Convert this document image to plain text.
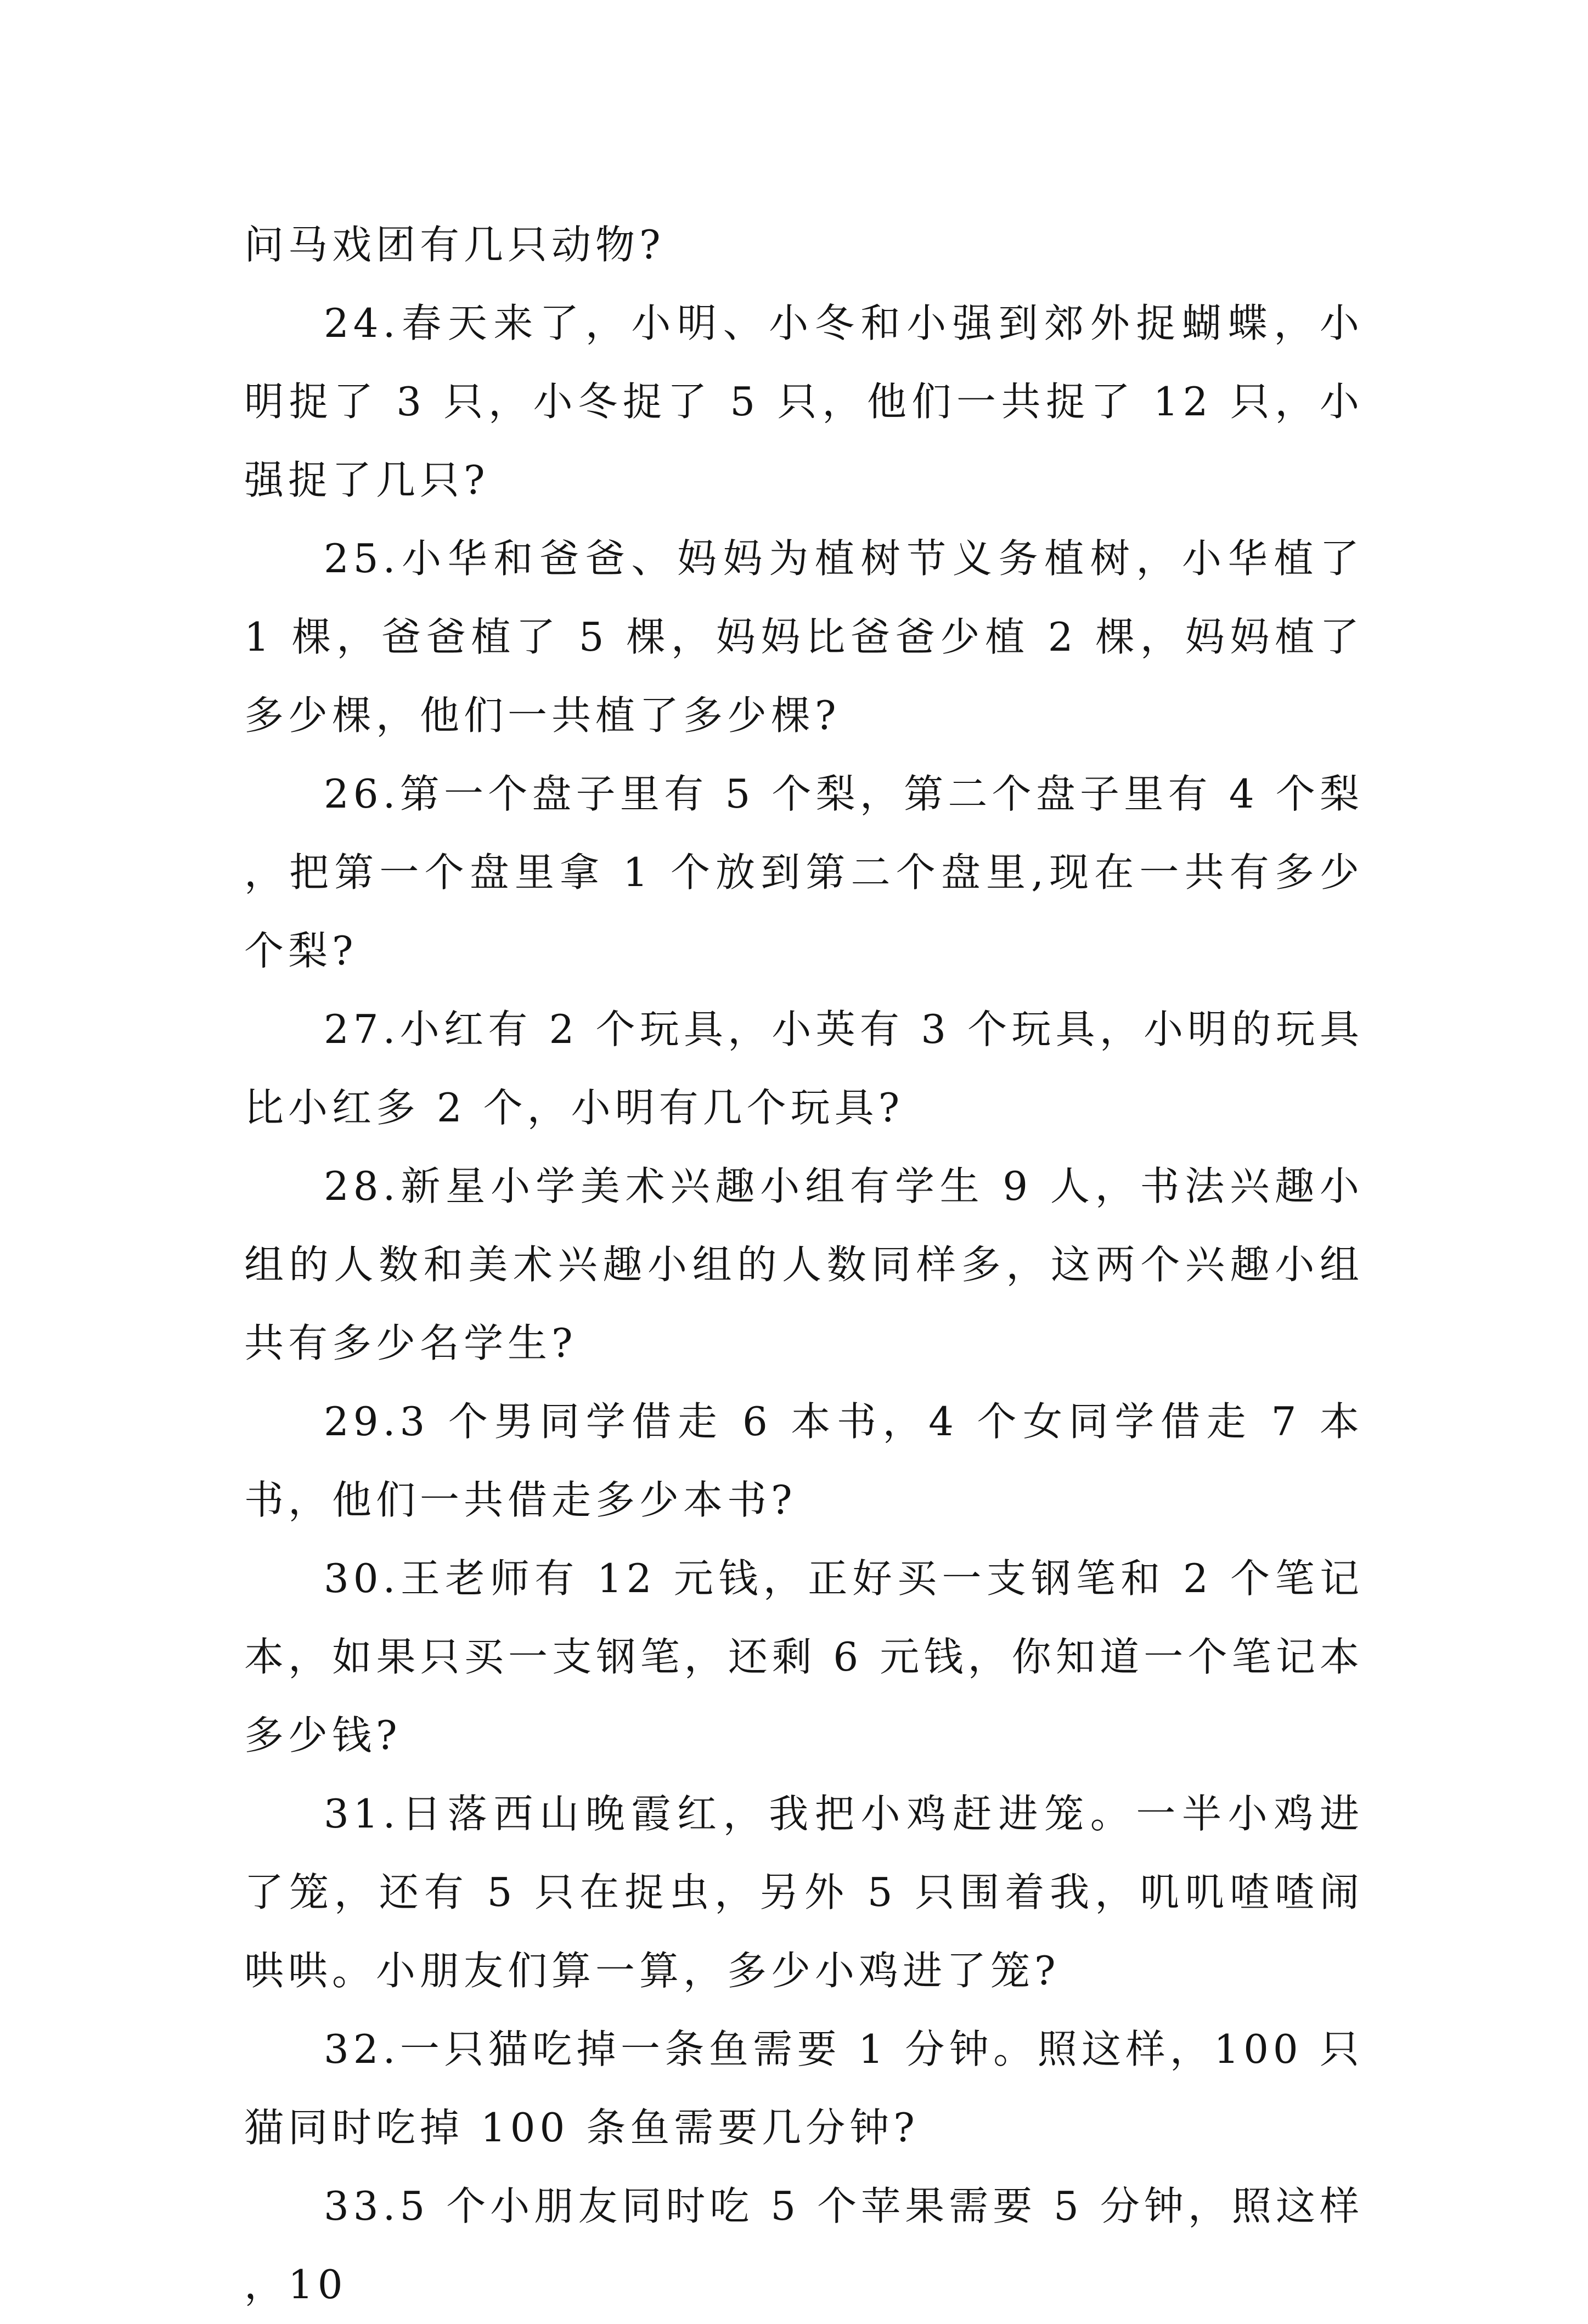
问马戏团有几只动物?

24.春天来了，小明、小冬和小强到郊外捉蝴蝶，小明捉了 3 只，小冬捉了 5 只，他们一共捉了 12 只，小强捉了几只?

25.小华和爸爸、妈妈为植树节义务植树，小华植了 1 棵，爸爸植了 5 棵，妈妈比爸爸少植 2 棵，妈妈植了多少棵，他们一共植了多少棵?

26.第一个盘子里有 5 个梨，第二个盘子里有 4 个梨，把第一个盘里拿 1 个放到第二个盘里,现在一共有多少个梨?

27.小红有 2 个玩具，小英有 3 个玩具，小明的玩具比小红多 2 个，小明有几个玩具?

28.新星小学美术兴趣小组有学生 9 人，书法兴趣小组的人数和美术兴趣小组的人数同样多，这两个兴趣小组共有多少名学生?

29.3 个男同学借走 6 本书，4 个女同学借走 7 本书，他们一共借走多少本书?

30.王老师有 12 元钱，正好买一支钢笔和 2 个笔记本，如果只买一支钢笔，还剩 6 元钱，你知道一个笔记本多少钱?

31.日落西山晚霞红，我把小鸡赶进笼。一半小鸡进了笼，还有 5 只在捉虫，另外 5 只围着我，叽叽喳喳闹哄哄。小朋友们算一算，多少小鸡进了笼?

32.一只猫吃掉一条鱼需要 1 分钟。照这样，100 只猫同时吃掉 100 条鱼需要几分钟?

33.5 个小朋友同时吃 5 个苹果需要 5 分钟，照这样，10
